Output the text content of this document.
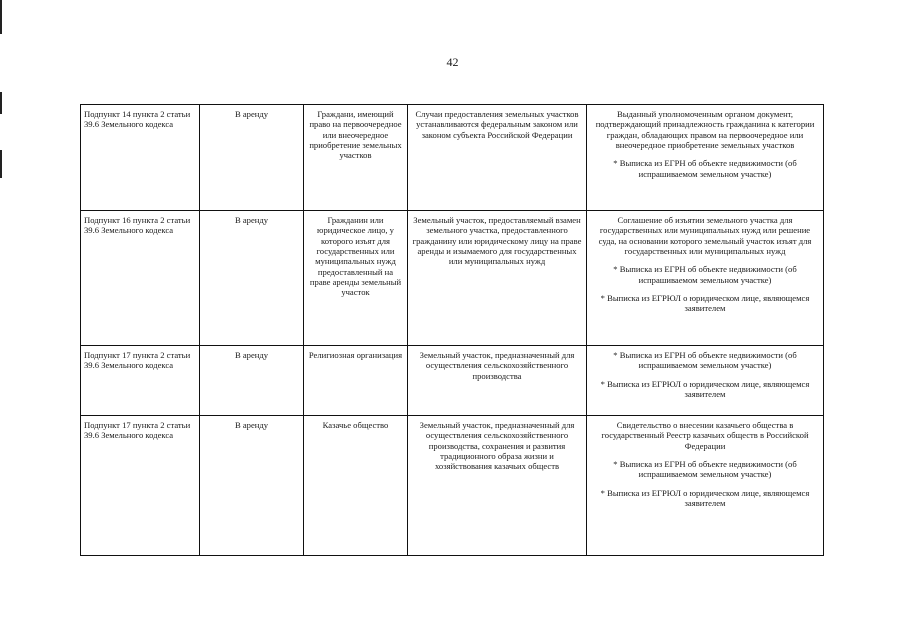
42
Подпункт 14 пункта 2 статьи 39.6 Земельного кодекса	В аренду	Граждани, имеющий право на первоочередное или внеочередное приобретение земельных участков	Случаи предоставления земельных участков устанавливаются федеральным законом или законом субъекта Российской Федерации	Выданный уполномоченным органом документ, подтверждающий принадлежность гражданина к категории граждан, обладающих правом на первоочередное или внеочередное приобретение земельных участков
* Выписка из ЕГРН об объекте недвижимости (об испрашиваемом земельном участке)

Подпункт 16 пункта 2 статьи 39.6 Земельного кодекса	В аренду	Гражданин или юридическое лицо, у которого изъят для государственных или муниципальных нужд предоставленный на праве аренды земельный участок	Земельный участок, предоставляемый взамен земельного участка, предоставленного гражданину или юридическому лицу на праве аренды и изымаемого для государственных или муниципальных нужд	Соглашение об изъятии земельного участка для государственных или муниципальных нужд или решение суда, на основании которого земельный участок изъят для государственных или муниципальных нужд
* Выписка из ЕГРН об объекте недвижимости (об испрашиваемом земельном участке)
* Выписка из ЕГРЮЛ о юридическом лице, являющемся заявителем

Подпункт 17 пункта 2 статьи 39.6 Земельного кодекса	В аренду	Религиозная организация	Земельный участок, предназначенный для осуществления сельскохозяйственного производства	* Выписка из ЕГРН об объекте недвижимости (об испрашиваемом земельном участке)
* Выписка из ЕГРЮЛ о юридическом лице, являющемся заявителем

Подпункт 17 пункта 2 статьи 39.6 Земельного кодекса	В аренду	Казачье общество	Земельный участок, предназначенный для осуществления сельскохозяйственного производства, сохранения и развития традиционного образа жизни и хозяйствования казачьих обществ	Свидетельство о внесении казачьего общества в государственный Реестр казачьих обществ в Российской Федерации
* Выписка из ЕГРН об объекте недвижимости (об испрашиваемом земельном участке)
* Выписка из ЕГРЮЛ о юридическом лице, являющемся заявителем
